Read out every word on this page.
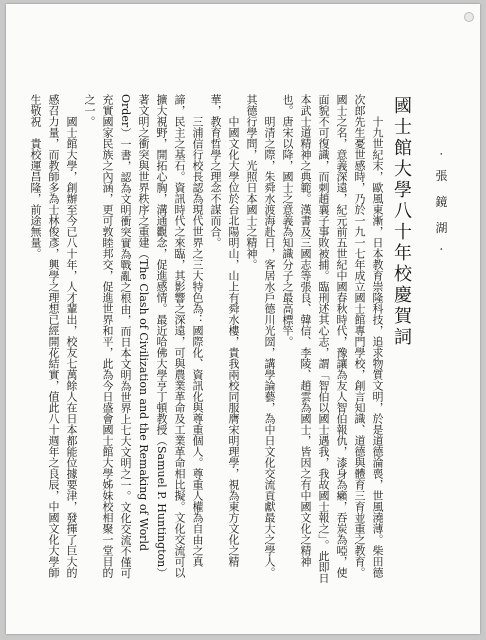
國士館大學八十年校慶賀詞 · 張 鏡 湖 ·

十九世紀末，歐風東漸，日本教育崇隆科技，追求物質文明，於是道德淪喪，世風澆薄。柴田德次郎先生憂世感時，乃於一九一七年成立國士館專門學校，創言知識、道德與體育三育並重之教育。國士之名，意義深遠，紀元前五世紀中國春秋時代，豫讓為友人智伯報仇，漆身為癩，吞炭為啞，使面貌不可復識，而刺趙襄子事敗被捕。臨刑述其心志，謂「智伯以國士遇我，我故國士報之」。此即日本武士道精神之典範。漢書及三國志等張良、韓信、李陵、趙雲為國士，皆因之有中國文化之精神也。唐宋以降，國士之意義為知識分子之最高標竿。

明清之際，朱舜水渡海赴日，客居水戶德川光圀，講學論藝，為中日文化交流貢獻最大之學人。其德行學問，光照日本國士之精神。

中國文化大學位於台北陽明山，山上有舜水樓，貴我兩校同服膺宋明理學，視為東方文化之精華，教育哲學之理念不謀而合。

三浦信行校長認為現代世界之三大特色為：國際化、資訊化與尊重個人。尊重人權為自由之真諦，民主之基石。資訊時代之來臨，其影響之深遠，可與農業革命及工業革命相比擬。文化交流可以擴大視野，開拓心胸，溝通觀念，促進感情。最近哈佛大學亨丁頓教授（Samuel P. Huntington）著文明之衝突與世界秩序之重建（The Clash of Civilization and the Remaking of World Order）一書，認為文明衝突實為戰亂之根由，而日本文明為世界上七大文明之一。文化交流不僅可充實國家民族之內涵，更可敦睦邦交，促進世界和平，此為今日盛會國士館大學姊妹校相聚一堂目的之一。

國士館大學，創辦至今已八十年，人才輩出，校友七萬餘人在日本都能位據要津，發揮了巨大的感召力量，而教師多為士林俊彥，興學之理想已經開花結實，值此八十週年之良辰，中國文化大學師生敬祝　貴校運昌隆，前途無量。
